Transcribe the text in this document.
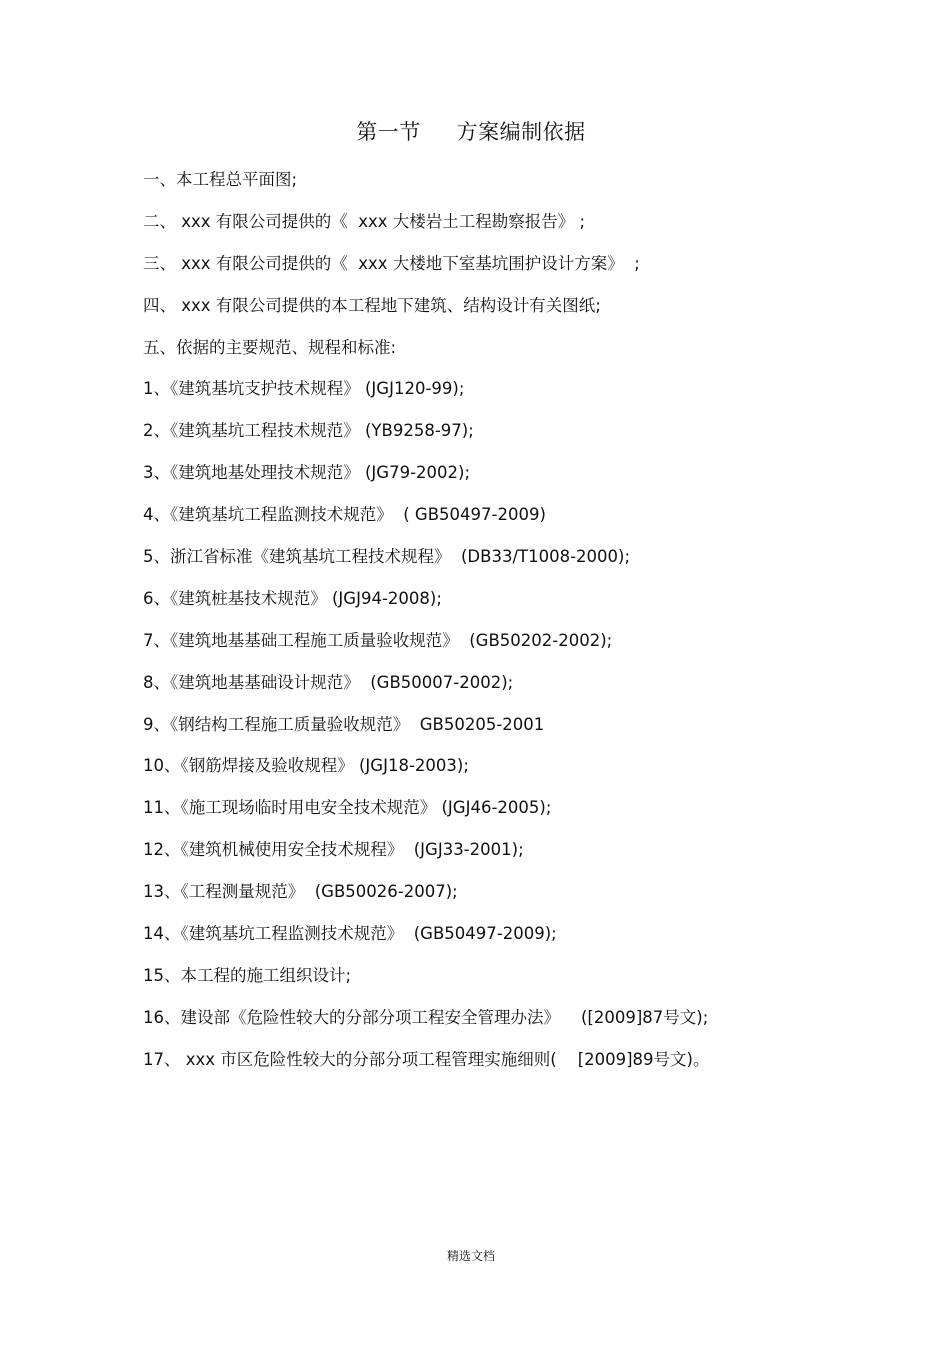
第一节     方案编制依据
一、本工程总平面图;
二、 xxx 有限公司提供的《  xxx 大楼岩土工程勘察报告》 ;
三、 xxx 有限公司提供的《  xxx 大楼地下室基坑围护设计方案》  ;
四、 xxx 有限公司提供的本工程地下建筑、结构设计有关图纸;
五、依据的主要规范、规程和标准:
1、《建筑基坑支护技术规程》 (JGJ120-99);
2、《建筑基坑工程技术规范》 (YB9258-97);
3、《建筑地基处理技术规范》 (JG79-2002);
4、《建筑基坑工程监测技术规范》  ( GB50497-2009)
5、浙江省标准《建筑基坑工程技术规程》  (DB33/T1008-2000);
6、《建筑桩基技术规范》 (JGJ94-2008);
7、《建筑地基基础工程施工质量验收规范》  (GB50202-2002);
8、《建筑地基基础设计规范》  (GB50007-2002);
9、《钢结构工程施工质量验收规范》  GB50205-2001
10、《钢筋焊接及验收规程》 (JGJ18-2003);
11、《施工现场临时用电安全技术规范》 (JGJ46-2005);
12、《建筑机械使用安全技术规程》  (JGJ33-2001);
13、《工程测量规范》  (GB50026-2007);
14、《建筑基坑工程监测技术规范》  (GB50497-2009);
15、本工程的施工组织设计;
16、建设部《危险性较大的分部分项工程安全管理办法》    ([2009]87号文);
17、 xxx 市区危险性较大的分部分项工程管理实施细则(    [2009]89号文)。
精选文档
